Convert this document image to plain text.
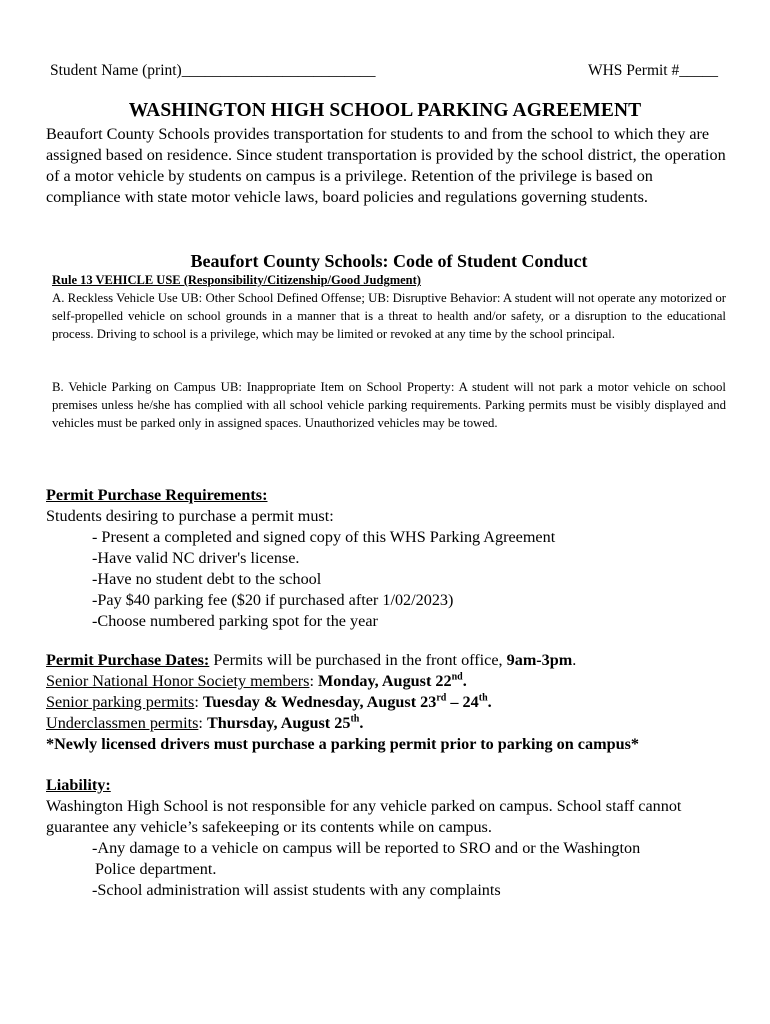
Student Name (print)_________________________	WHS Permit #_____
WASHINGTON HIGH SCHOOL PARKING AGREEMENT
Beaufort County Schools provides transportation for students to and from the school to which they are assigned based on residence. Since student transportation is provided by the school district, the operation of a motor vehicle by students on campus is a privilege. Retention of the privilege is based on compliance with state motor vehicle laws, board policies and regulations governing students.
Beaufort County Schools: Code of Student Conduct
Rule 13 VEHICLE USE (Responsibility/Citizenship/Good Judgment)
A. Reckless Vehicle Use UB: Other School Defined Offense; UB: Disruptive Behavior: A student will not operate any motorized or self-propelled vehicle on school grounds in a manner that is a threat to health and/or safety, or a disruption to the educational process. Driving to school is a privilege, which may be limited or revoked at any time by the school principal.
B. Vehicle Parking on Campus UB: Inappropriate Item on School Property: A student will not park a motor vehicle on school premises unless he/she has complied with all school vehicle parking requirements. Parking permits must be visibly displayed and vehicles must be parked only in assigned spaces. Unauthorized vehicles may be towed.
Permit Purchase Requirements:
Students desiring to purchase a permit must:
- Present a completed and signed copy of this WHS Parking Agreement
-Have valid NC driver's license.
-Have no student debt to the school
-Pay $40 parking fee ($20 if purchased after 1/02/2023)
-Choose numbered parking spot for the year
Permit Purchase Dates: Permits will be purchased in the front office, 9am-3pm.
Senior National Honor Society members: Monday, August 22nd.
Senior parking permits: Tuesday & Wednesday, August 23rd – 24th.
Underclassmen permits: Thursday, August 25th.
*Newly licensed drivers must purchase a parking permit prior to parking on campus*
Liability:
Washington High School is not responsible for any vehicle parked on campus. School staff cannot guarantee any vehicle’s safekeeping or its contents while on campus.
-Any damage to a vehicle on campus will be reported to SRO and or the Washington
Police department.
-School administration will assist students with any complaints
